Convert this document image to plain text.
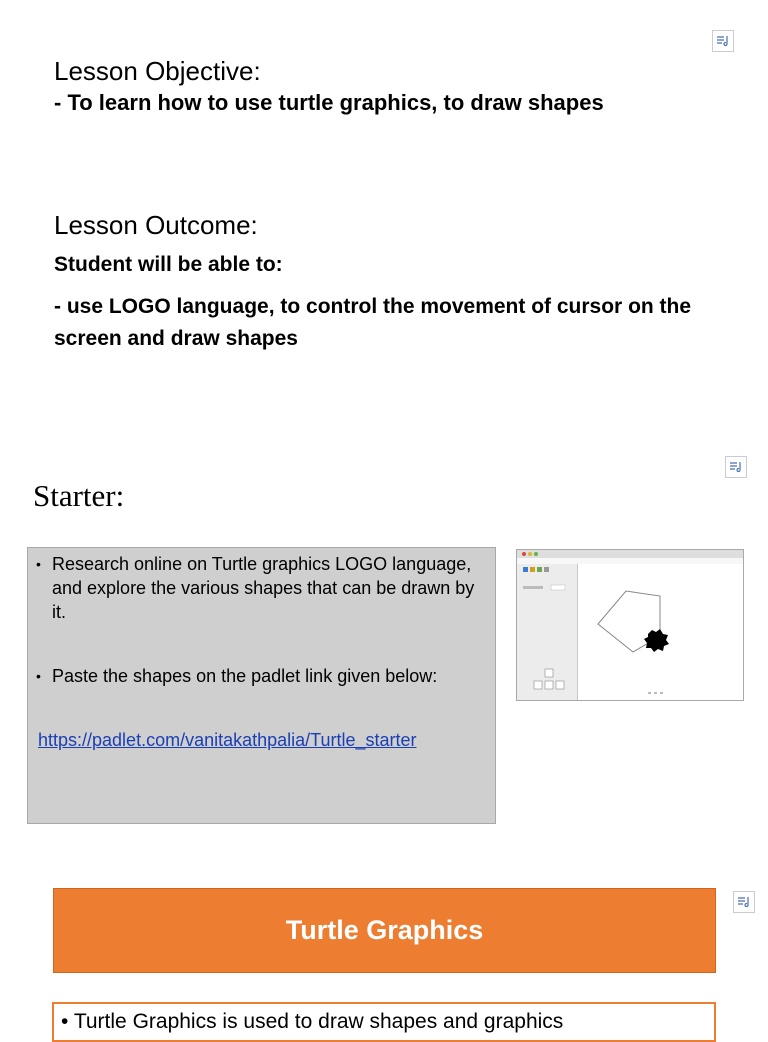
Lesson Objective:
- To learn how to use turtle graphics, to draw shapes
Lesson Outcome:
Student will be able to:
- use LOGO language, to control the movement of cursor on the screen and draw shapes
Starter:
• Research online on Turtle graphics LOGO language, and explore the various shapes that can be drawn by it.
• Paste the shapes on the padlet link given below:
https://padlet.com/vanitakathpalia/Turtle_starter
Turtle Graphics
• Turtle Graphics is used to draw shapes and graphics
